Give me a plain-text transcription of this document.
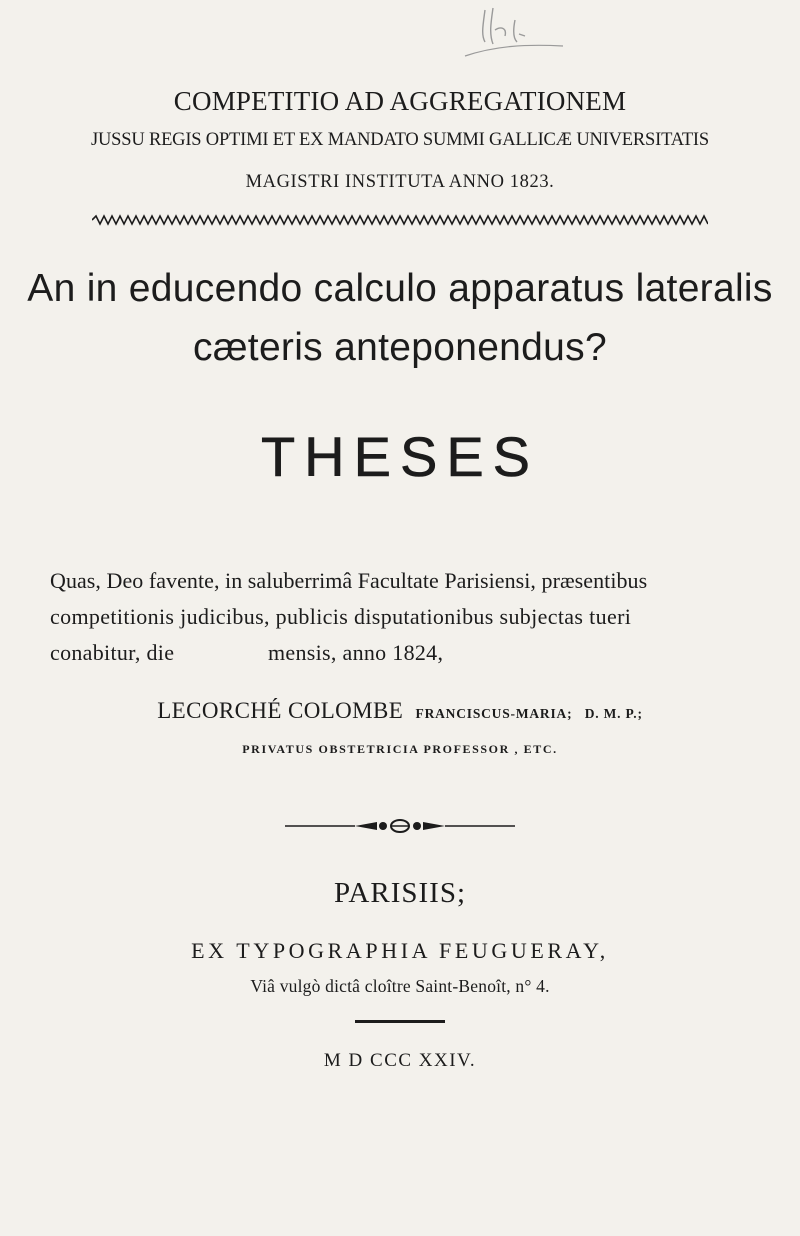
COMPETITIO AD AGGREGATIONEM
JUSSU REGIS OPTIMI ET EX MANDATO SUMMI GALLICÆ UNIVERSITATIS
MAGISTRI INSTITUTA ANNO 1823.
An in educendo calculo apparatus lateralis
cæteris anteponendus?
THESES
Quas, Deo favente, in saluberrimâ Facultate Parisiensi, præsentibus
competitionis judicibus, publicis disputationibus subjectas tueri
conabitur, die	mensis, anno 1824,
LECORCHÉ COLOMBE FRANCISCUS-MARIA; D. M. P.;
PRIVATUS OBSTETRICIA PROFESSOR , ETC.
PARISIIS;
EX TYPOGRAPHIA FEUGUERAY,
Viâ vulgò dictâ cloître Saint-Benoît, n° 4.
M D CCC XXIV.
